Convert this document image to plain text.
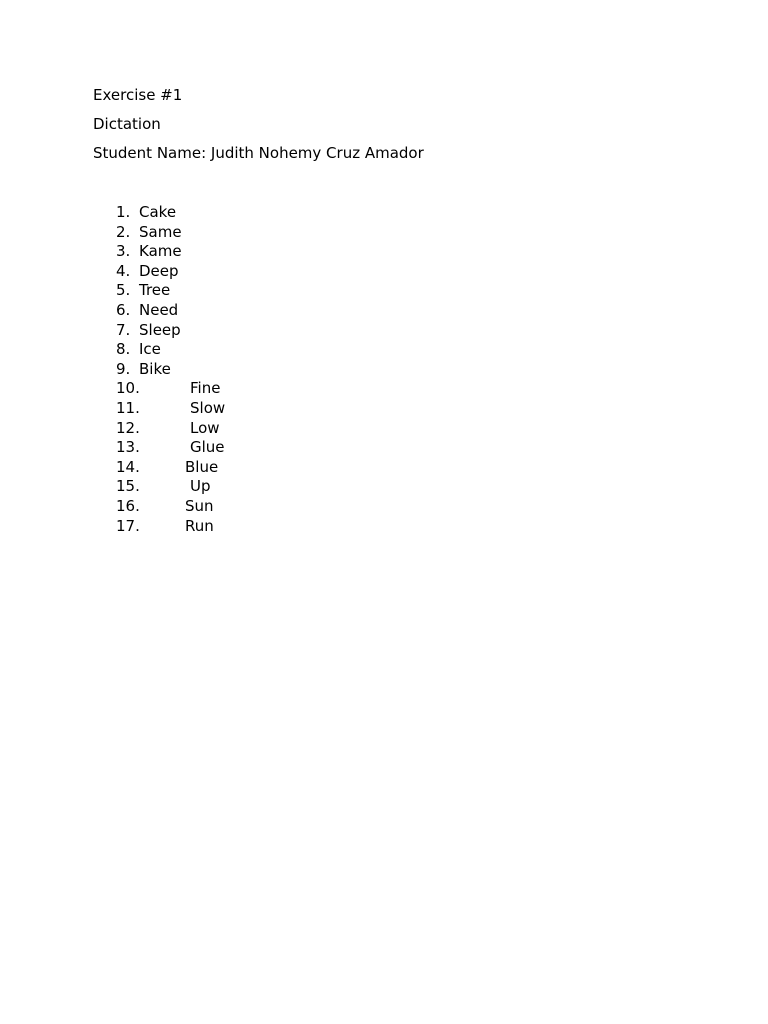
Exercise #1
Dictation
Student Name: Judith Nohemy Cruz Amador
1. Cake
2. Same
3. Kame
4. Deep
5. Tree
6. Need
7. Sleep
8. Ice
9. Bike
10.	Fine
11.	Slow
12.	Low
13.	Glue
14.	Blue
15.	Up
16.	Sun
17.	Run
